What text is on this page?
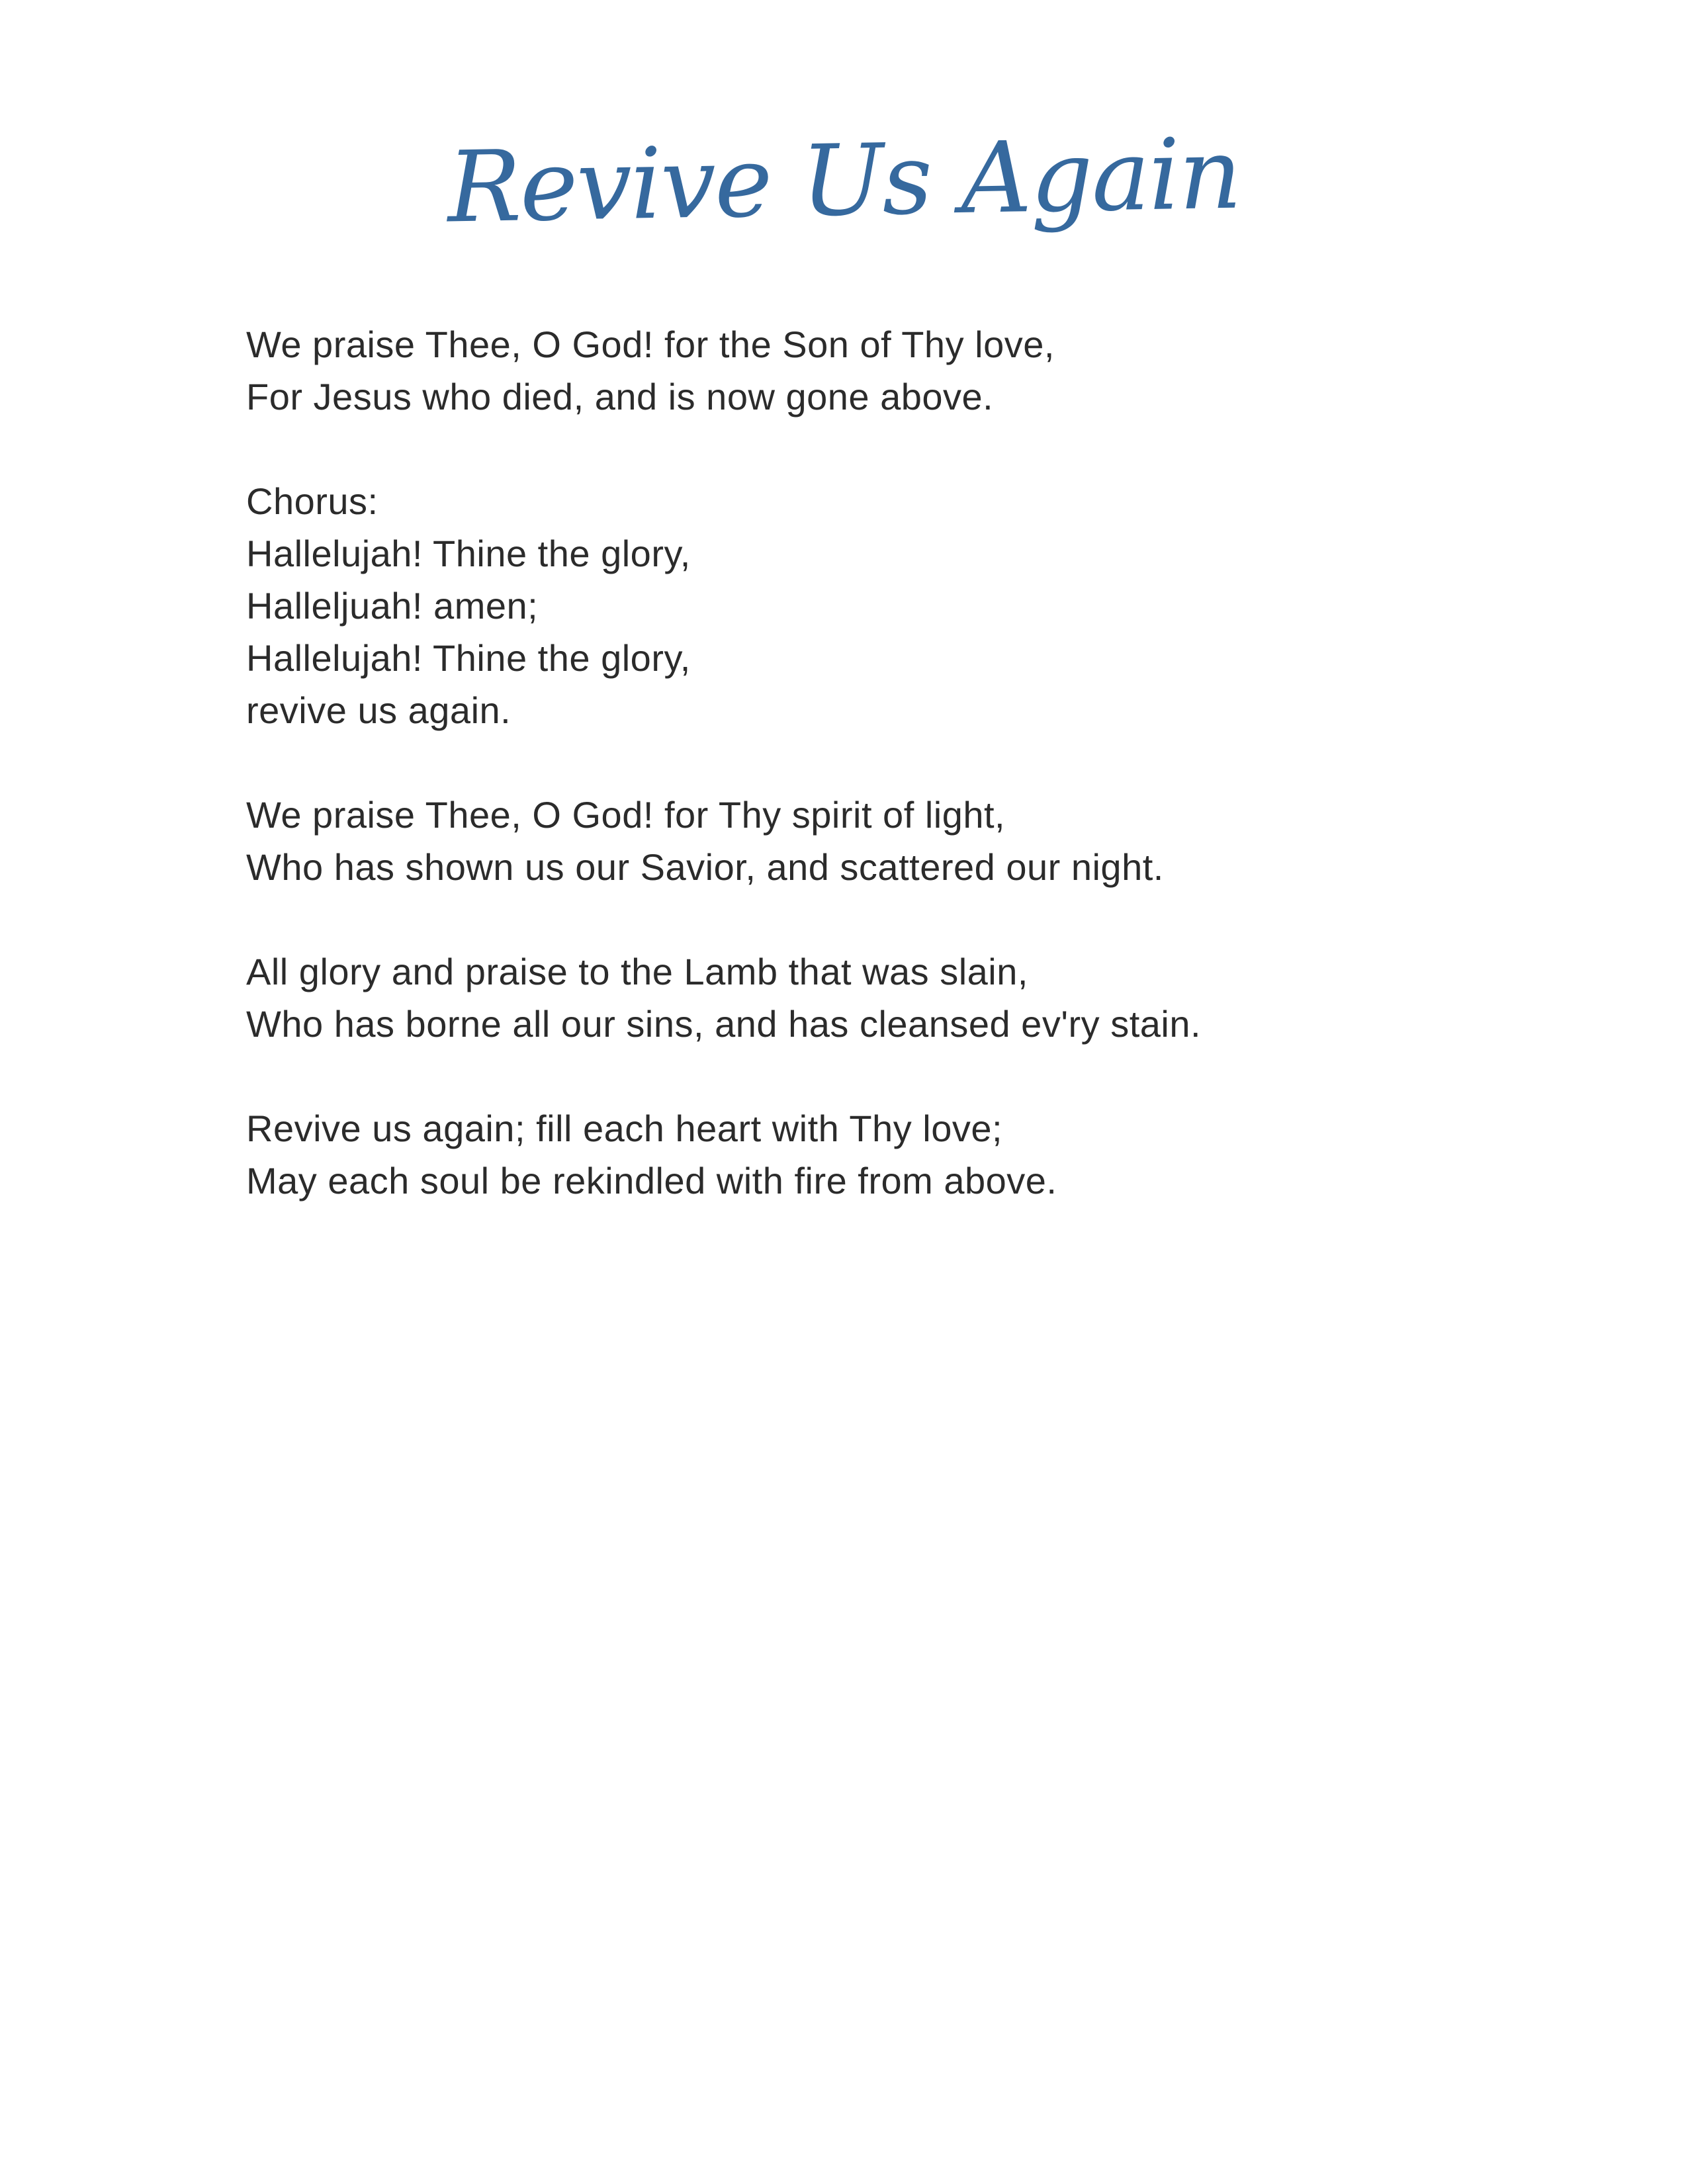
Revive Us Again

We praise Thee, O God! for the Son of Thy love,

For Jesus who died, and is now gone above.

Chorus:

Hallelujah! Thine the glory,

Halleljuah! amen;

Hallelujah! Thine the glory,

revive us again.

We praise Thee, O God! for Thy spirit of light,

Who has shown us our Savior, and scattered our night.

All glory and praise to the Lamb that was slain,

Who has borne all our sins, and has cleansed ev'ry stain.

Revive us again; fill each heart with Thy love;

May each soul be rekindled with fire from above.
